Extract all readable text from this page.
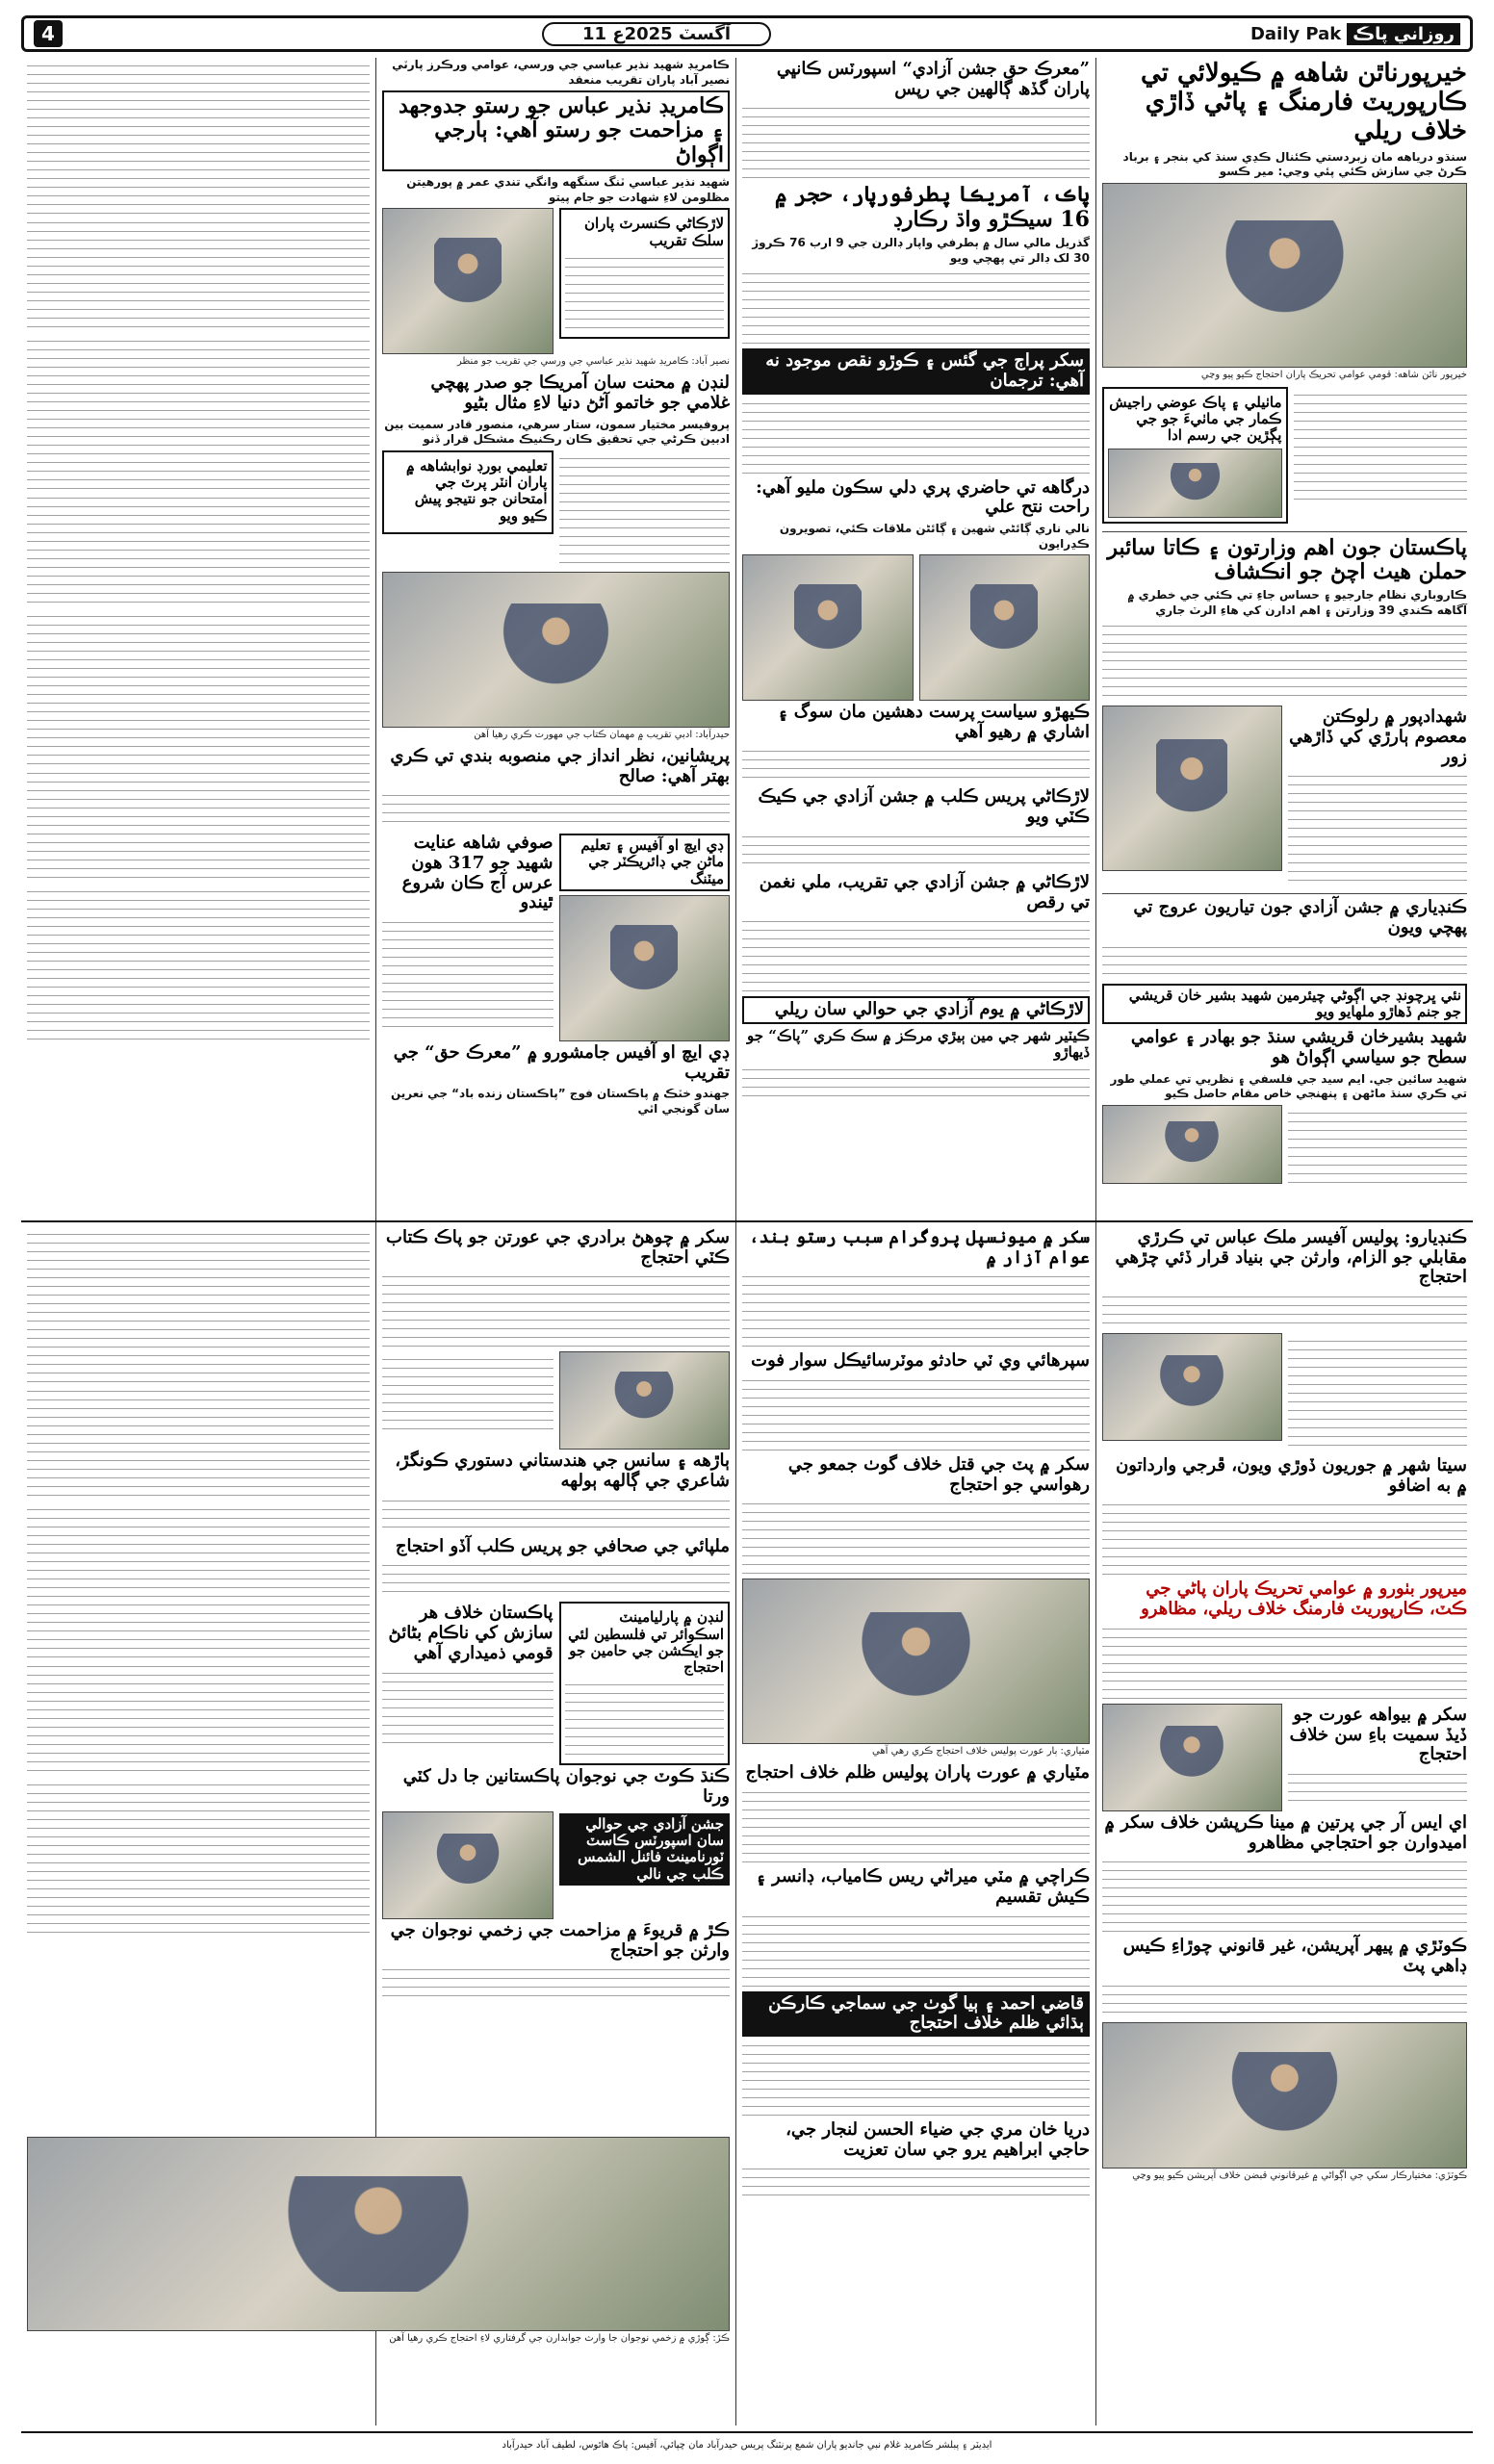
4	11 آگسٽ 2025ع	Daily Pak روزاني پاڪ
خيرپورناٿن شاهه ۾ ڪيولائي تي ڪارپوريٽ فارمنگ ۽ پاڻي ڏاڙي خلاف ريلي
سنڌو درياهه مان زبردستي ڪئنال ڪڍي سنڌ کي بنجر ۽ برباد ڪرڻ جي سازش ڪئي پئي وڃي: مير ڪسو
خيرپور ناٿن شاهه: قومي عوامي تحريڪ پاران احتجاج ڪيو پيو وڃي
ماٺيلي ۽ پاڪ عوضي راجيش ڪمار جي ماٺيءَ جو جي پڳڙين جي رسم ادا
پاڪستان جون اهم وزارتون ۽ ڪاتا سائبر حملن هيٺ اچڻ جو انڪشاف
ڪاروباري نظام جارجيو ۽ حساس جاءِ تي ڪئي جي خطري ۾ آگاهه ڪندي 39 وزارتن ۽ اهم ادارن کي هاءِ الرٽ جاري
شهدادپور ۾ رلوڪتن معصوم ٻارڙي کي ڏاڙهي زور
ڪنڊياري ۾ جشن آزادي جون تياريون عروج تي پهچي ويون
نئي ڀرچونڊ جي اڳوڻي چيئرمين شهيد بشير خان قريشي جو جنم ڏهاڙو ملهايو ويو
شهيد بشيرخان قريشي سنڌ جو بهادر ۽ عوامي سطح جو سياسي اڳواڻ هو
شهيد سائين جي. ايم سيد جي فلسفي ۽ نظريي تي عملي طور تي ڪري سنڌ ماڻهن ۽ پنهنجي خاص مقام حاصل ڪيو
ڪنڊيارو: پوليس آفيسر ملڪ عباس تي ڪرڙي مقابلي جو الزام، وارثن جي بنياد قرار ڏئي چڙهي احتجاج
سيتا شهر ۾ جوريون ڏوڙي ويون، ڦرجي وارداتون ۾ به اضافو
ميرپور بٺورو ۾ عوامي تحريڪ پاران پاڻي جي ڪٽ، ڪارپوريٽ فارمنگ خلاف ريلي، مظاهرو
سکر ۾ بيواهه عورت جو ڏيڏ سميت باءِ سن خلاف احتجاج
اي ايس آر جي پرتين ۾ مينا ڪرپشن خلاف سکر ۾ اميدوارن جو احتجاجي مظاهرو
ڪوٽڙي ۾ پيهر آپريشن، غير قانوني چوڙاءِ ڪيس ڊاهي پٽ
ڪوٽڙي: مختيارڪار سکي جي اڳواڻي ۾ غيرقانوني قبضن خلاف آپريشن ڪيو پيو وڃي
”معرڪ حق جشن آزادي“ اسپورٽس ڪانڀي پاران گڏھ ڳالهين جي رپس
پاڪ، آمريڪا پطرفورپار، حجر ۾ 16 سيڪڙو واڌ رڪارڊ
گذريل مالي سال ۾ ٻطرفي واپار ڊالرن جي 9 ارب 76 ڪروڙ 30 لک ڊالر تي پهچي ويو
سکر پراڄ جي گئس ۽ ڪوڙو نقص موجود نه آهي: ترجمان
درگاهه تي حاضري پري دلي سڪون مليو آهي: راحت نتح علي
نالي ناري ڳائڻي شهين ۽ ڳائڻن ملاقات ڪئي، تصويرون ڪڍرايون
ڪيهڙو سياست پرست دهشين مان سوگ ۽ اشاري ۾ رهيو آهي
لاڙڪاڻي پريس ڪلب ۾ جشن آزادي جي ڪيڪ ڪٽي ويو
لاڙڪاڻي ۾ جشن آزادي جي تقريب، ملي نغمن تي رقص
لاڙڪاڻي ۾ يوم آزادي جي حوالي سان ريلي
ڪيٽير شهر جي مين ٻيڙي مرڪز ۾ سڪ ڪري ”پاڪ“ جو ڏيهاڙو
سکر ۾ ميونسپل پروگرام سبب رستو بند، عوام آزار ۾
سپرهائي وي ٽي حادثو موٽرسائيڪل سوار فوت
سکر ۾ پٽ جي قتل خلاف گوٺ جمعو جي رهواسي جو احتجاج
مٽياري: ٻار عورت پوليس خلاف احتجاج ڪري رهي آهي
مٽياري ۾ عورت پاران پوليس ظلم خلاف احتجاج
ڪراچي ۾ مٽي ميراڻي ريس ڪامياب، ڊانسر ۽ ڪيش تقسيم
قاضي احمد ۽ ٻيا گوٺ جي سماجي ڪارڪن ٻڌائي ظلم خلاف احتجاج
دريا خان مري جي ضياء الحسن لنجار جي، حاجي ابراهيم يرو جي سان تعزيت
ڪامريڊ شهيد نذير عباسي جي ورسي، عوامي ورڪرز پارٽي نصير آباد پاران تقريب منعقد
ڪامريڊ نذير عباس جو رستو جدوجهد ۽ مزاحمت جو رستو آهي: ٻارجي اڳواڻ
شهيد نذير عباسي ٽنگ سنگهه وانگي تندي عمر ۾ پورهيتن مظلومن لاءِ شهادت جو جام پيتو
لاڙڪاڻي ڪنسرٽ پاران سلڪ تقريب
نصير آباد: ڪامريڊ شهيد نذير عباسي جي ورسي جي تقريب جو منظر
لنڊن ۾ محنت سان آمريڪا جو صدر پهچي غلامي جو خاتمو آڻڻ دنيا لاءِ مثال بڻيو
پروفيسر مختيار سمون، ستار سرهي، منصور قادر سميت بين ادبين ڪرڻي جي تحقيق ڪان رڪنيڪ مشڪل قرار ڏنو
تعليمي بورڊ نوابشاهه ۾ پاران انٽر پرٽ جي امتحانن جو نتيجو پيش ڪيو ويو
حيدرآباد: ادبي تقريب ۾ مهمان ڪتاب جي مهورت ڪري رهيا آهن
پريشانين، نظر انداز جي منصوبه بندي تي ڪري بهتر آهي: صالح
ڊي ايچ او آفيس ۽ تعليم ماڻن جي ڊائريڪٽر جي ميٽنگ
صوفي شاهه عنايت شهيد جو 317 هون عرس آج ڪان شروع ٿيندو
ڊي ايچ او آفيس جامشورو ۾ ”معرڪ حق“ جي تقريب
جهندو خٽڪ ۾ پاڪستان فوج ”پاڪستان زنده باد“ جي نعرين سان گونجي اٿي
سکر ۾ چوهڻ برادري جي عورتن جو پاڪ ڪتاب ڪٽي احتجاج
ٻاڙهه ۽ سانس جي هندستاني دستوري ڪونگڙ، شاعري جي ڳالهه ٻولهه
ملپائي جي صحافي جو پريس ڪلب آڏو احتجاج
لنڊن ۾ پارليامينٽ اسڪوائر تي فلسطين لئي جو ايڪشن جي حامين جو احتجاج
پاڪستان خلاف هر سازش کي ناڪام بڻائڻ قومي ذميداري آهي
ڪنڌ ڪوٽ جي نوجوان پاڪستانين جا دل کٽي ورتا
جشن آزادي جي حوالي سان اسپورٽس ڪاسٽ ٽورنامينٽ فائنل الشمس ڪلب جي نالي
ڪڙ ۾ قريوءَ ۾ مزاحمت جي زخمي نوجوان جي وارثن جو احتجاج
ڪڙ: ڳوڙي ۾ زخمي نوجوان جا وارث جوابدارن جي گرفتاري لاءِ احتجاج ڪري رهيا آهن
ايڊيٽر ۽ پبلشر ڪامريڊ غلام نبي جانديو پاران شمع پرنٽنگ پريس حيدرآباد مان ڇپائي، آفيس: پاڪ هائوس، لطيف آباد حيدرآباد
